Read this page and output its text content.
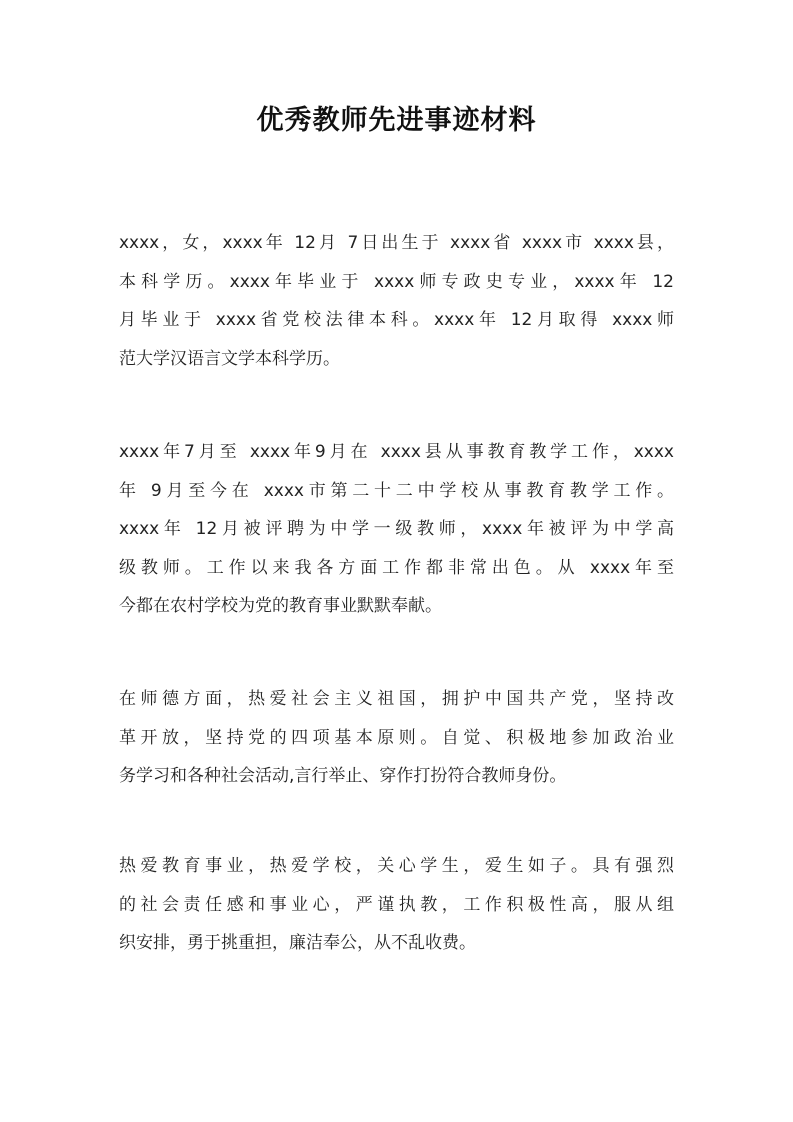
优秀教师先进事迹材料
xxxx，女，xxxx年 12月 7日出生于 xxxx省 xxxx市 xxxx县，
本科学历。xxxx年毕业于 xxxx师专政史专业，xxxx年 12
月毕业于 xxxx省党校法律本科。xxxx年 12月取得 xxxx师
范大学汉语言文学本科学历。
xxxx年7月至 xxxx年9月在 xxxx县从事教育教学工作，xxxx
年 9月至今在 xxxx市第二十二中学校从事教育教学工作。
xxxx年 12月被评聘为中学一级教师，xxxx年被评为中学高
级教师。工作以来我各方面工作都非常出色。从 xxxx年至
今都在农村学校为党的教育事业默默奉献。
在师德方面，热爱社会主义祖国，拥护中国共产党，坚持改
革开放，坚持党的四项基本原则。自觉、积极地参加政治业
务学习和各种社会活动,言行举止、穿作打扮符合教师身份。
热爱教育事业，热爱学校，关心学生，爱生如子。具有强烈
的社会责任感和事业心，严谨执教，工作积极性高，服从组
织安排，勇于挑重担，廉洁奉公，从不乱收费。
